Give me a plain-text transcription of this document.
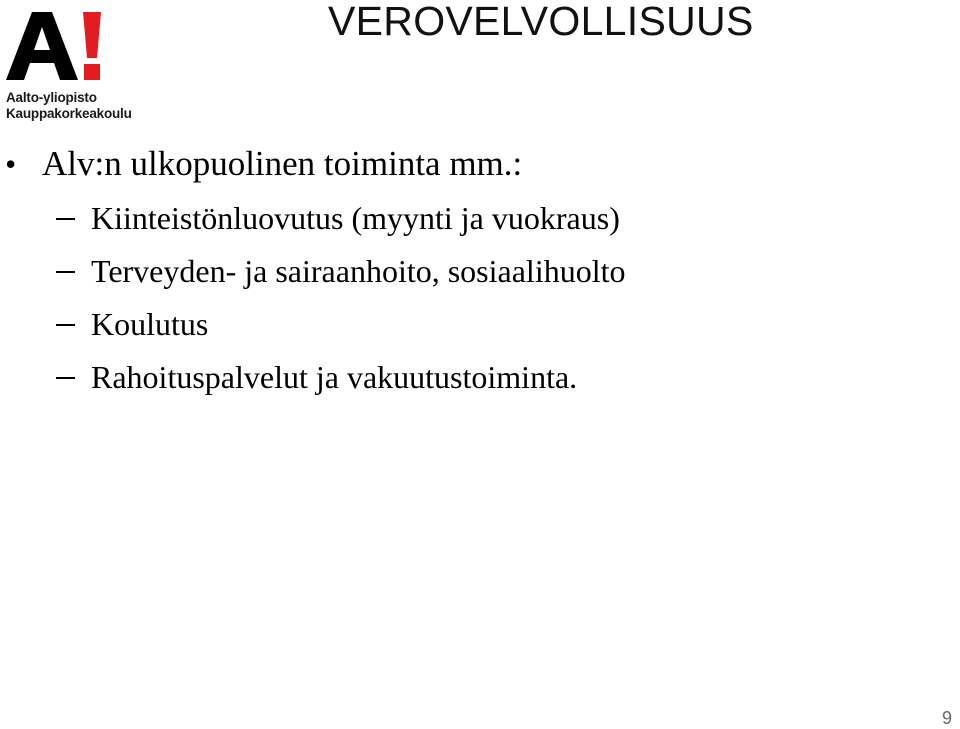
Aalto-yliopisto
Kauppakorkeakoulu
VEROVELVOLLISUUS
• Alv:n ulkopuolinen toiminta mm.:
Kiinteistönluovutus (myynti ja vuokraus)
Terveyden- ja sairaanhoito, sosiaalihuolto
Koulutus
Rahoituspalvelut ja vakuutustoiminta.
9
